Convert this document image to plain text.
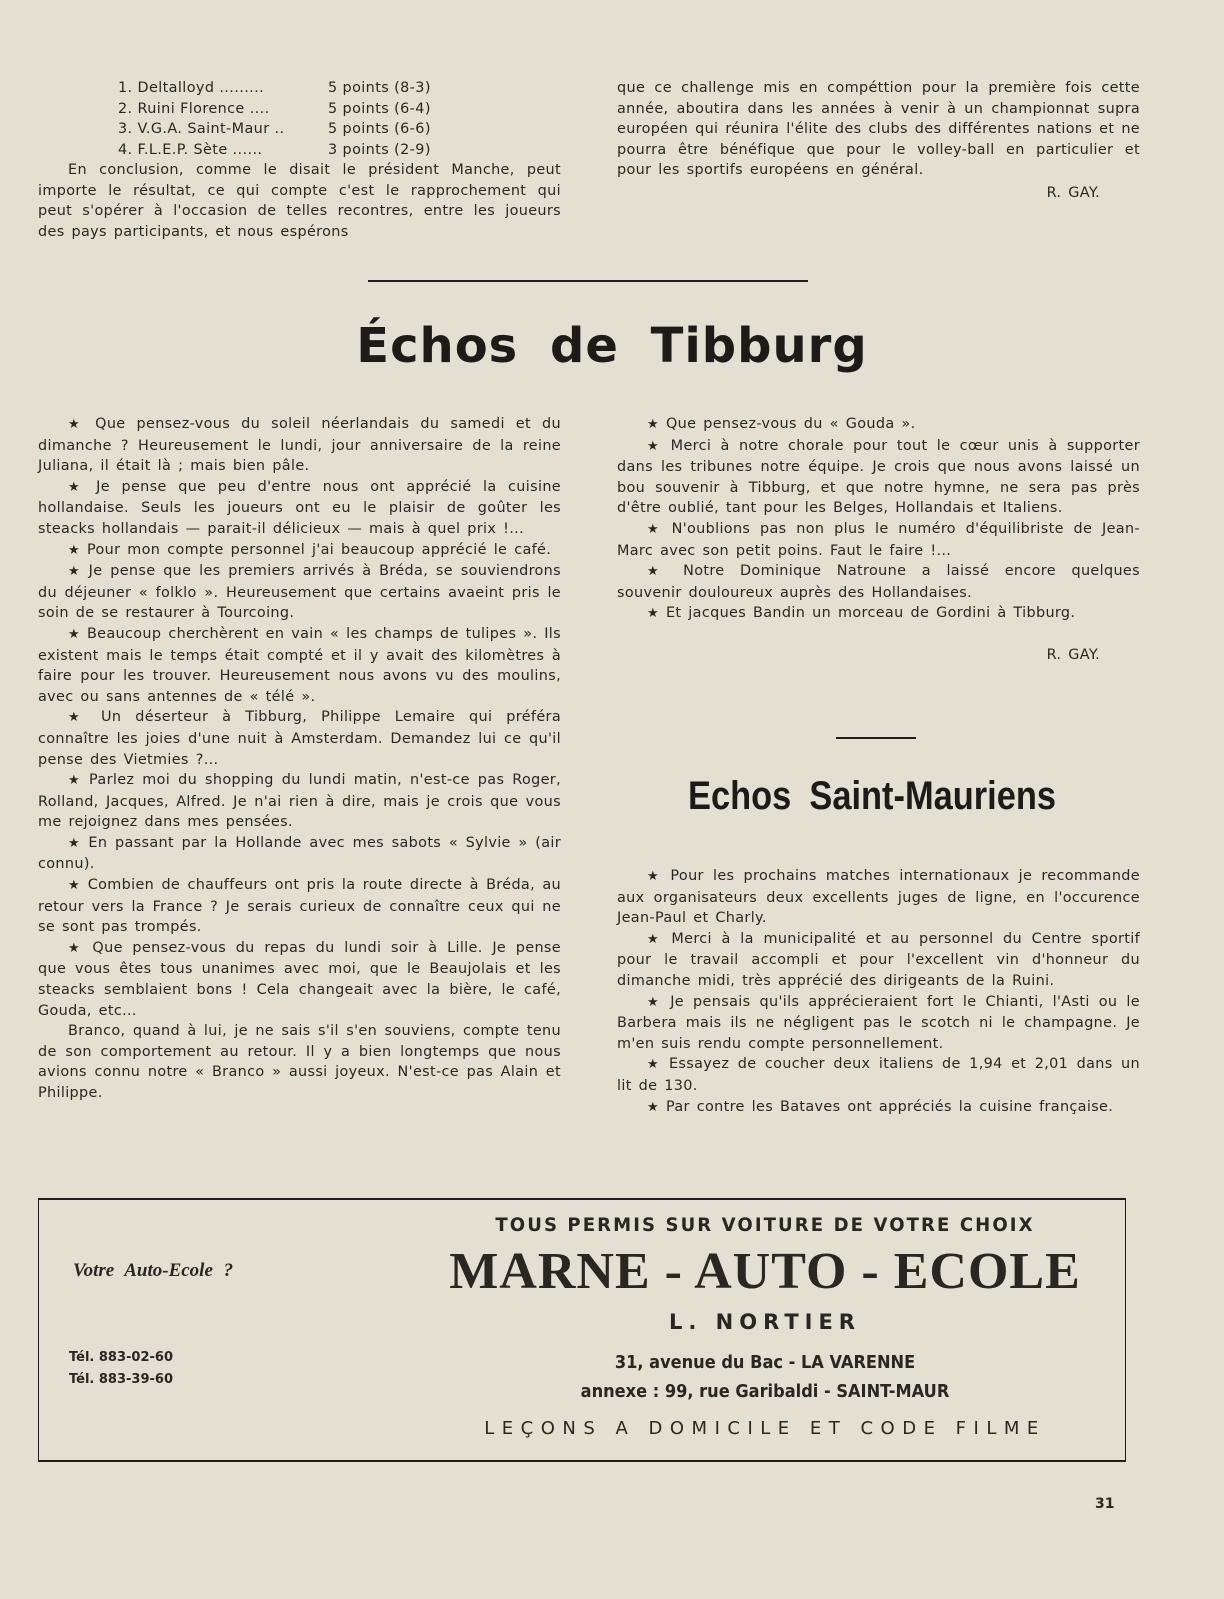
1. Deltalloyd .........	5 points (8-3)
2. Ruini Florence ....	5 points (6-4)
3. V.G.A. Saint-Maur ..	5 points (6-6)
4. F.L.E.P. Sète ......	3 points (2-9)

En conclusion, comme le disait le président Manche, peut importe le résultat, ce qui compte c'est le rapprochement qui peut s'opérer à l'occasion de telles recontres, entre les joueurs des pays participants, et nous espérons

que ce challenge mis en compéttion pour la première fois cette année, aboutira dans les années à venir à un championnat supra européen qui réunira l'élite des clubs des différentes nations et ne pourra être bénéfique que pour le volley-ball en particulier et pour les sportifs européens en général.

R. GAY.

Échos de Tibburg

★ Que pensez-vous du soleil néerlandais du samedi et du dimanche ? Heureusement le lundi, jour anniversaire de la reine Juliana, il était là ; mais bien pâle.

★ Je pense que peu d'entre nous ont apprécié la cuisine hollandaise. Seuls les joueurs ont eu le plaisir de goûter les steacks hollandais — parait-il délicieux — mais à quel prix !...

★ Pour mon compte personnel j'ai beaucoup apprécié le café.

★ Je pense que les premiers arrivés à Bréda, se souviendrons du déjeuner « folklo ». Heureusement que certains avaeint pris le soin de se restaurer à Tourcoing.

★ Beaucoup cherchèrent en vain « les champs de tulipes ». Ils existent mais le temps était compté et il y avait des kilomètres à faire pour les trouver. Heureusement nous avons vu des moulins, avec ou sans antennes de « télé ».

★ Un déserteur à Tibburg, Philippe Lemaire qui préféra connaître les joies d'une nuit à Amsterdam. Demandez lui ce qu'il pense des Vietmies ?...

★ Parlez moi du shopping du lundi matin, n'est-ce pas Roger, Rolland, Jacques, Alfred. Je n'ai rien à dire, mais je crois que vous me rejoignez dans mes pensées.

★ En passant par la Hollande avec mes sabots « Sylvie » (air connu).

★ Combien de chauffeurs ont pris la route directe à Bréda, au retour vers la France ? Je serais curieux de connaître ceux qui ne se sont pas trompés.

★ Que pensez-vous du repas du lundi soir à Lille. Je pense que vous êtes tous unanimes avec moi, que le Beaujolais et les steacks semblaient bons ! Cela changeait avec la bière, le café, Gouda, etc...

Branco, quand à lui, je ne sais s'il s'en souviens, compte tenu de son comportement au retour. Il y a bien longtemps que nous avions connu notre « Branco » aussi joyeux. N'est-ce pas Alain et Philippe.

★ Que pensez-vous du « Gouda ».

★ Merci à notre chorale pour tout le cœur unis à supporter dans les tribunes notre équipe. Je crois que nous avons laissé un bou souvenir à Tibburg, et que notre hymne, ne sera pas près d'être oublié, tant pour les Belges, Hollandais et Italiens.

★ N'oublions pas non plus le numéro d'équilibriste de Jean-Marc avec son petit poins. Faut le faire !...

★ Notre Dominique Natroune a laissé encore quelques souvenir douloureux auprès des Hollandaises.

★ Et jacques Bandin un morceau de Gordini à Tibburg.

R. GAY.

Echos Saint-Mauriens

★ Pour les prochains matches internationaux je recommande aux organisateurs deux excellents juges de ligne, en l'occurence Jean-Paul et Charly.

★ Merci à la municipalité et au personnel du Centre sportif pour le travail accompli et pour l'excellent vin d'honneur du dimanche midi, très apprécié des dirigeants de la Ruini.

★ Je pensais qu'ils apprécieraient fort le Chianti, l'Asti ou le Barbera mais ils ne négligent pas le scotch ni le champagne. Je m'en suis rendu compte personnellement.

★ Essayez de coucher deux italiens de 1,94 et 2,01 dans un lit de 130.

★ Par contre les Bataves ont appréciés la cuisine française.

Votre Auto-Ecole ?
Tél. 883-02-60
Tél. 883-39-60
TOUS PERMIS SUR VOITURE DE VOTRE CHOIX
MARNE - AUTO - ECOLE
L. NORTIER
31, avenue du Bac - LA VARENNE
annexe : 99, rue Garibaldi - SAINT-MAUR
LEÇONS A DOMICILE ET CODE FILME
31
